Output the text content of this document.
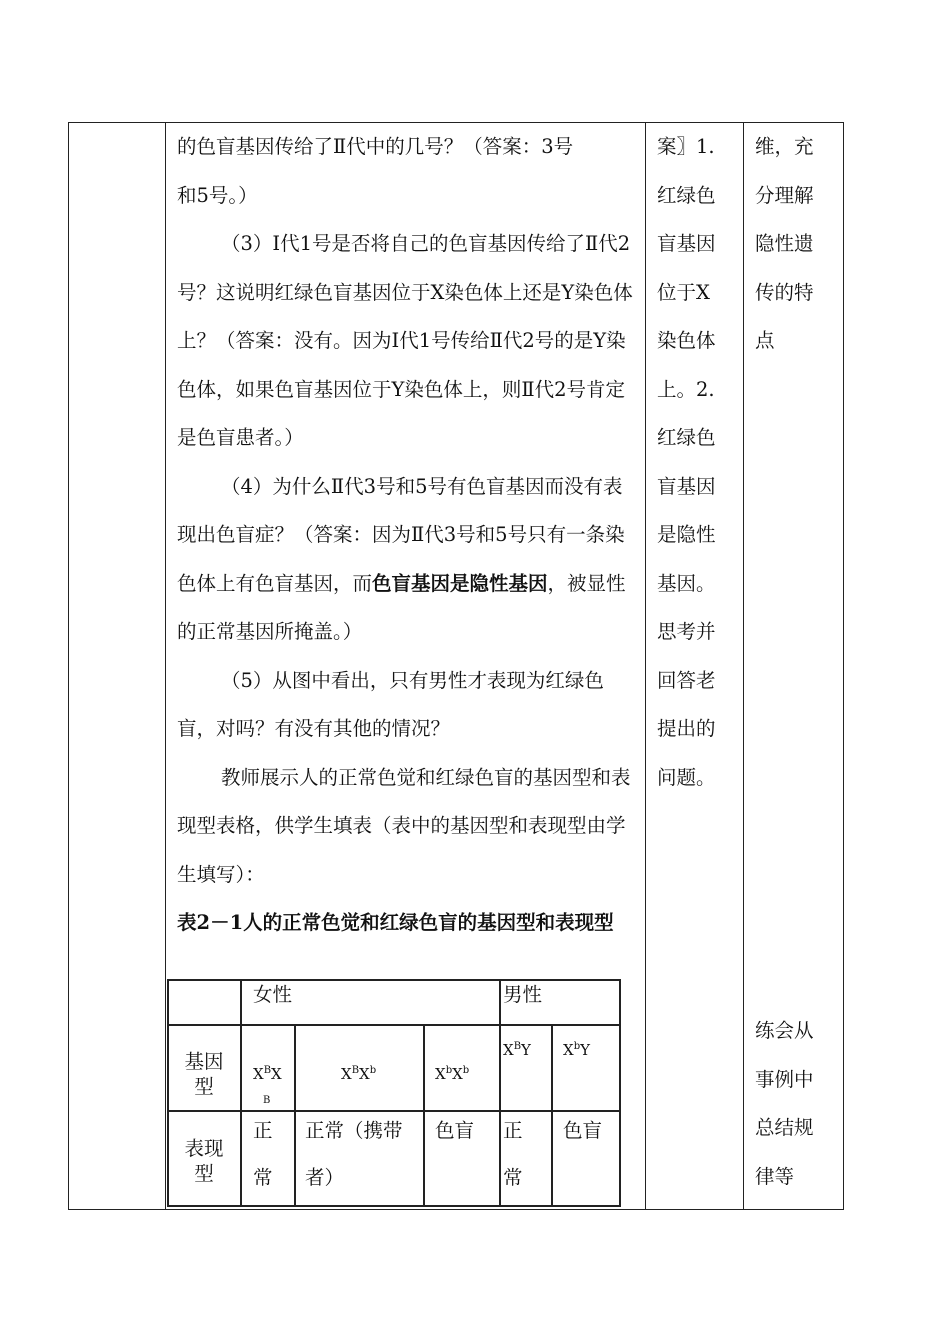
的色盲基因传给了Ⅱ代中的几号？（答案：3号

和5号。）

（3）Ⅰ代1号是否将自己的色盲基因传给了Ⅱ代2号？这说明红绿色盲基因位于X染色体上还是Y染色体上？（答案：没有。因为Ⅰ代1号传给Ⅱ代2号的是Y染色体，如果色盲基因位于Y染色体上，则Ⅱ代2号肯定是色盲患者。）

（4）为什么Ⅱ代3号和5号有色盲基因而没有表现出色盲症？（答案：因为Ⅱ代3号和5号只有一条染色体上有色盲基因，而色盲基因是隐性基因，被显性的正常基因所掩盖。）

（5）从图中看出，只有男性才表现为红绿色盲，对吗？有没有其他的情况？

教师展示人的正常色觉和红绿色盲的基因型和表现型表格，供学生填表（表中的基因型和表现型由学生填写）：

表2－1人的正常色觉和红绿色盲的基因型和表现型

案〗1.红绿色盲基因位于X染色体上。2.红绿色盲基因是隐性基因。思考并回答老提出的问题。

维，充分理解隐性遗传的特点

练会从事例中总结规律等

女性	男性
基因型
$X^BX$
$_B$
$X^BX^b$	$X^bX^b$
$X^BY$ $X^bY$
表现型
正常
正常（携带者）
色盲 正常
色盲
